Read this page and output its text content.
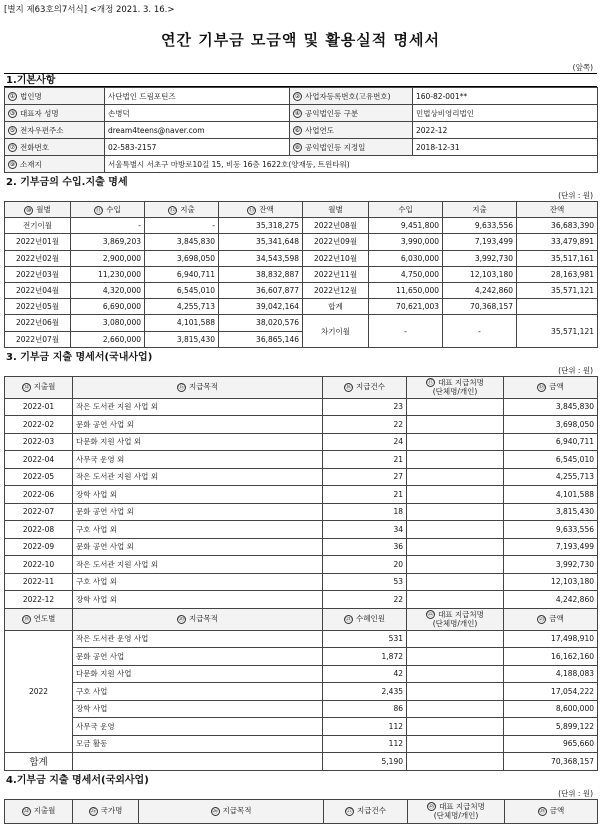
[별지 제63호의7서식] <개정 2021. 3. 16.>
연간 기부금 모금액 및 활용실적 명세서
(앞쪽)
1.기본사항
① 법인명	사단법인 드림포틴즈	② 사업자등록번호(고유번호)	160-82-001**
③ 대표자 성명	손병덕	④ 공익법인등 구분	민법상비영리법인
⑤ 전자우편주소	dream4teens@naver.com	⑥ 사업연도	2022-12
⑦ 전화번호	02-583-2157	⑧ 공익법인등 지정일	2018-12-31
⑨ 소재지	서울특별시 서초구 마방로10길 15, 비동 16층 1622호(양재동, 트윈타워)		
2. 기부금의 수입.지출 명세
(단위 : 원)
⑩ 월별	⑪ 수입	⑫ 지출	⑬ 잔액	월별	수입	지출	잔액
전기이월	-	-	35,318,275	2022년08월	9,451,800	9,633,556	36,683,390
2022년01월	3,869,203	3,845,830	35,341,648	2022년09월	3,990,000	7,193,499	33,479,891
2022년02월	2,900,000	3,698,050	34,543,598	2022년10월	6,030,000	3,992,730	35,517,161
2022년03월	11,230,000	6,940,711	38,832,887	2022년11월	4,750,000	12,103,180	28,163,981
2022년04월	4,320,000	6,545,010	36,607,877	2022년12월	11,650,000	4,242,860	35,571,121
2022년05월	6,690,000	4,255,713	39,042,164	합계	70,621,003	70,368,157	
2022년06월	3,080,000	4,101,588	38,020,576	차기이월	-	-	35,571,121
2022년07월	2,660,000	3,815,430	36,865,146				
3. 기부금 지출 명세서(국내사업)
(단위 : 원)
⑭ 지출월	⑮ 지급목적	⑯ 지급건수	⑰ 대표 지급처명
(단체명/개인)	⑱ 금액
2022-01	작은 도서관 지원 사업 외	23		3,845,830
2022-02	문화 공연 사업 외	22		3,698,050
2022-03	다문화 지원 사업 외	24		6,940,711
2022-04	사무국 운영 외	21		6,545,010
2022-05	작은 도서관 지원 사업 외	27		4,255,713
2022-06	장학 사업 외	21		4,101,588
2022-07	문화 공연 사업 외	18		3,815,430
2022-08	구호 사업 외	34		9,633,556
2022-09	문화 공연 사업 외	36		7,193,499
2022-10	작은 도서관 지원 사업 외	20		3,992,730
2022-11	구호 사업 외	53		12,103,180
2022-12	장학 사업 외	22		4,242,860
⑲ 연도별	⑳ 지급목적	㉑ 수혜인원	㉒ 대표 지급처명
(단체명/개인)	㉓ 금액
2022	작은 도서관 운영 사업	531		17,498,910
	문화 공연 사업	1,872		16,162,160
	다문화 지원 사업	42		4,188,083
	구호 사업	2,435		17,054,222
	장학 사업	86		8,600,000
	사무국 운영	112		5,899,122
	모금 활동	112		965,660
합계		5,190		70,368,157
4.기부금 지출 명세서(국외사업)
(단위 : 원)
㉔ 지출월	㉕ 국가명	㉖ 지급목적	㉗ 지급건수	㉘ 대표 지급처명
(단체명/개인)	㉙ 금액
